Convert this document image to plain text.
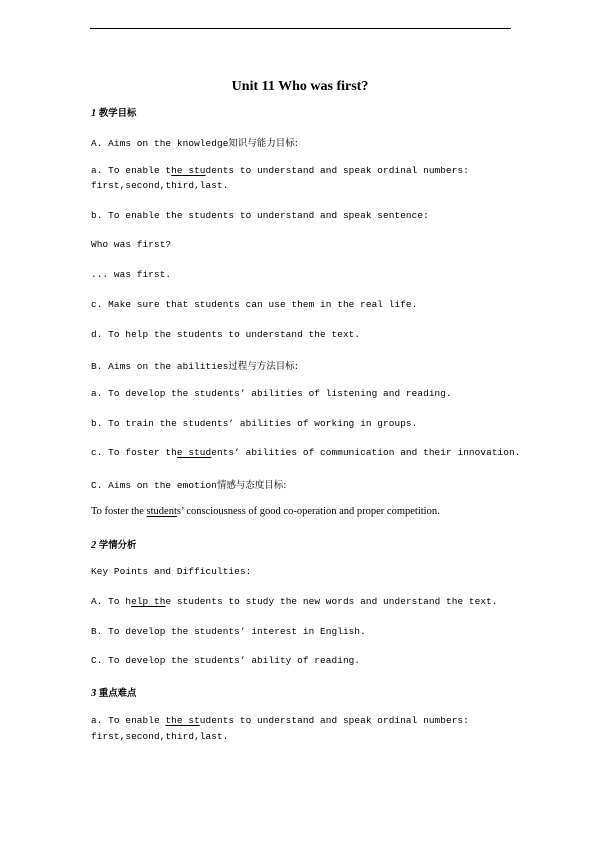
Unit 11 Who was first?
1 教学目标
A. Aims on the knowledge知识与能力目标:
a. To enable the students to understand and speak ordinal numbers:
first,second,third,last.
b. To enable the students to understand and speak sentence:
Who was first?
... was first.
c. Make sure that students can use them in the real life.
d. To help the students to understand the text.
B. Aims on the abilities过程与方法目标:
a. To develop the students’ abilities of listening and reading.
b. To train the students’ abilities of working in groups.
c. To foster the students’ abilities of communication and their innovation.
C. Aims on the emotion情感与态度目标:
To foster the students’ consciousness of good co-operation and proper competition.
2 学情分析
Key Points and Difficulties:
A. To help the students to study the new words and understand the text.
B. To develop the students’ interest in English.
C. To develop the students’ ability of reading.
3 重点难点
a. To enable the students to understand and speak ordinal numbers:
first,second,third,last.
